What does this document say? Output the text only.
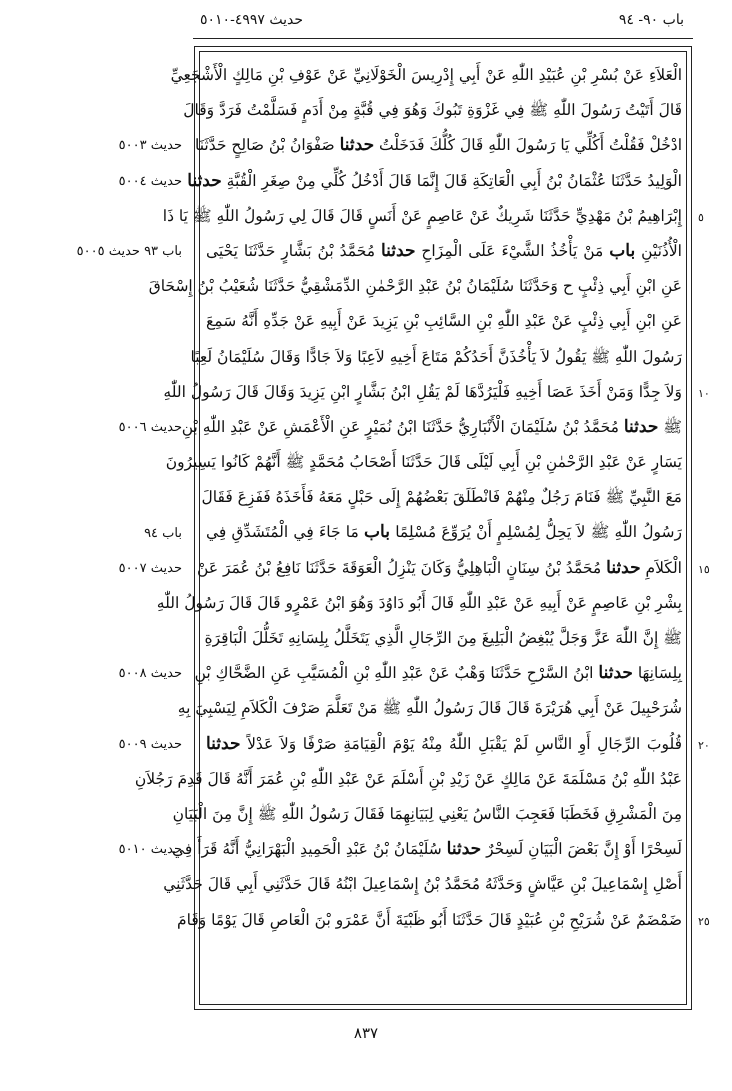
باب ٩٠- ٩٤
حديث ٤٩٩٧-٥٠١٠
الْعَلاَءِ عَنْ بُسْرِ بْنِ عُبَيْدِ اللّٰهِ عَنْ أَبِي إِدْرِيسَ الْخَوْلَانِيِّ عَنْ عَوْفِ بْنِ مَالِكٍ الْأَشْجَعِيِّ
قَالَ أَتَيْتُ رَسُولَ اللّٰهِ ﷺ فِي غَزْوَةِ تَبُوكَ وَهُوَ فِي قُبَّةٍ مِنْ أَدَمٍ فَسَلَّمْتُ فَرَدَّ وَقَالَ
ادْخُلْ فَقُلْتُ أَكُلِّي يَا رَسُولَ اللّٰهِ قَالَ كُلُّكَ فَدَخَلْتُ حدثنا صَفْوَانُ بْنُ صَالِحٍ حَدَّثَنَا
الْوَلِيدُ حَدَّثَنَا عُثْمَانُ بْنُ أَبِي الْعَاتِكَةِ قَالَ إِنَّمَا قَالَ أَدْخُلُ كُلِّي مِنْ صِغَرِ الْقُبَّةِ حدثنا
إِبْرَاهِيمُ بْنُ مَهْدِيٍّ حَدَّثَنَا شَرِيكٌ عَنْ عَاصِمٍ عَنْ أَنَسٍ قَالَ قَالَ لِي رَسُولُ اللّٰهِ ﷺ يَا ذَا
الْأُذُنَيْنِ باب مَنْ يَأْخُذُ الشَّيْءَ عَلَى الْمِزَاحِ حدثنا مُحَمَّدُ بْنُ بَشَّارٍ حَدَّثَنَا يَحْيَى
عَنِ ابْنِ أَبِي ذِئْبٍ ح وَحَدَّثَنَا سُلَيْمَانُ بْنُ عَبْدِ الرَّحْمٰنِ الدِّمَشْقِيُّ حَدَّثَنَا شُعَيْبُ بْنُ إِسْحَاقَ
عَنِ ابْنِ أَبِي ذِئْبٍ عَنْ عَبْدِ اللّٰهِ بْنِ السَّائِبِ بْنِ يَزِيدَ عَنْ أَبِيهِ عَنْ جَدِّهِ أَنَّهُ سَمِعَ
رَسُولَ اللّٰهِ ﷺ يَقُولُ لاَ يَأْخُذَنَّ أَحَدُكُمْ مَتَاعَ أَخِيهِ لاَعِبًا وَلاَ جَادًّا وَقَالَ سُلَيْمَانُ لَعِبًا
وَلاَ جِدًّا وَمَنْ أَخَذَ عَصَا أَخِيهِ فَلْيَرُدَّهَا لَمْ يَقُلِ ابْنُ بَشَّارٍ ابْنِ يَزِيدَ وَقَالَ قَالَ رَسُولُ اللّٰهِ
ﷺ حدثنا مُحَمَّدُ بْنُ سُلَيْمَانَ الْأَنْبَارِيُّ حَدَّثَنَا ابْنُ نُمَيْرٍ عَنِ الْأَعْمَشِ عَنْ عَبْدِ اللّٰهِ بْنِ
يَسَارٍ عَنْ عَبْدِ الرَّحْمٰنِ بْنِ أَبِي لَيْلَى قَالَ حَدَّثَنَا أَصْحَابُ مُحَمَّدٍ ﷺ أَنَّهُمْ كَانُوا يَسِيرُونَ
مَعَ النَّبِيِّ ﷺ فَنَامَ رَجُلٌ مِنْهُمْ فَانْطَلَقَ بَعْضُهُمْ إِلَى حَبْلٍ مَعَهُ فَأَخَذَهُ فَفَزِعَ فَقَالَ
رَسُولُ اللّٰهِ ﷺ لاَ يَحِلُّ لِمُسْلِمٍ أَنْ يُرَوِّعَ مُسْلِمًا باب مَا جَاءَ فِي الْمُتَشَدِّقِ فِي
الْكَلاَمِ حدثنا مُحَمَّدُ بْنُ سِنَانٍ الْبَاهِلِيُّ وَكَانَ يَنْزِلُ الْعَوَقَةَ حَدَّثَنَا نَافِعُ بْنُ عُمَرَ عَنْ
بِشْرِ بْنِ عَاصِمٍ عَنْ أَبِيهِ عَنْ عَبْدِ اللّٰهِ قَالَ أَبُو دَاوُدَ وَهُوَ ابْنُ عَمْرٍو قَالَ قَالَ رَسُولُ اللّٰهِ
ﷺ إِنَّ اللّٰهَ عَزَّ وَجَلَّ يُبْغِضُ الْبَلِيغَ مِنَ الرِّجَالِ الَّذِي يَتَخَلَّلُ بِلِسَانِهِ تَخَلُّلَ الْبَاقِرَةِ
بِلِسَانِهَا حدثنا ابْنُ السَّرْحِ حَدَّثَنَا وَهْبٌ عَنْ عَبْدِ اللّٰهِ بْنِ الْمُسَيَّبِ عَنِ الضَّحَّاكِ بْنِ
شُرَحْبِيلَ عَنْ أَبِي هُرَيْرَةَ قَالَ قَالَ رَسُولُ اللّٰهِ ﷺ مَنْ تَعَلَّمَ صَرْفَ الْكَلاَمِ لِيَسْبِيَ بِهِ
قُلُوبَ الرِّجَالِ أَوِ النَّاسِ لَمْ يَقْبَلِ اللّٰهُ مِنْهُ يَوْمَ الْقِيَامَةِ صَرْفًا وَلاَ عَدْلاً حدثنا
عَبْدُ اللّٰهِ بْنُ مَسْلَمَةَ عَنْ مَالِكٍ عَنْ زَيْدِ بْنِ أَسْلَمَ عَنْ عَبْدِ اللّٰهِ بْنِ عُمَرَ أَنَّهُ قَالَ قَدِمَ رَجُلاَنِ
مِنَ الْمَشْرِقِ فَخَطَبَا فَعَجِبَ النَّاسُ يَعْنِي لِبَيَانِهِمَا فَقَالَ رَسُولُ اللّٰهِ ﷺ إِنَّ مِنَ الْبَيَانِ
لَسِحْرًا أَوْ إِنَّ بَعْضَ الْبَيَانِ لَسِحْرٌ حدثنا سُلَيْمَانُ بْنُ عَبْدِ الْحَمِيدِ الْبَهْرَانِيُّ أَنَّهُ قَرَأَ فِي
أَصْلِ إِسْمَاعِيلَ بْنِ عَيَّاشٍ وَحَدَّثَهُ مُحَمَّدُ بْنُ إِسْمَاعِيلَ ابْنُهُ قَالَ حَدَّثَنِي أَبِي قَالَ حَدَّثَنِي
ضَمْضَمٌ عَنْ شُرَيْحِ بْنِ عُبَيْدٍ قَالَ حَدَّثَنَا أَبُو ظَبْيَةَ أَنَّ عَمْرَو بْنَ الْعَاصِ قَالَ يَوْمًا وَقَامَ
حديث ٥٠٠٣
حديث ٥٠٠٤
باب ٩٣ حديث ٥٠٠٥
حديث ٥٠٠٦
باب ٩٤
حديث ٥٠٠٧
حديث ٥٠٠٨
حديث ٥٠٠٩
حديث ٥٠١٠
٥
١٠
١٥
٢٠
٢٥
٨٣٧
